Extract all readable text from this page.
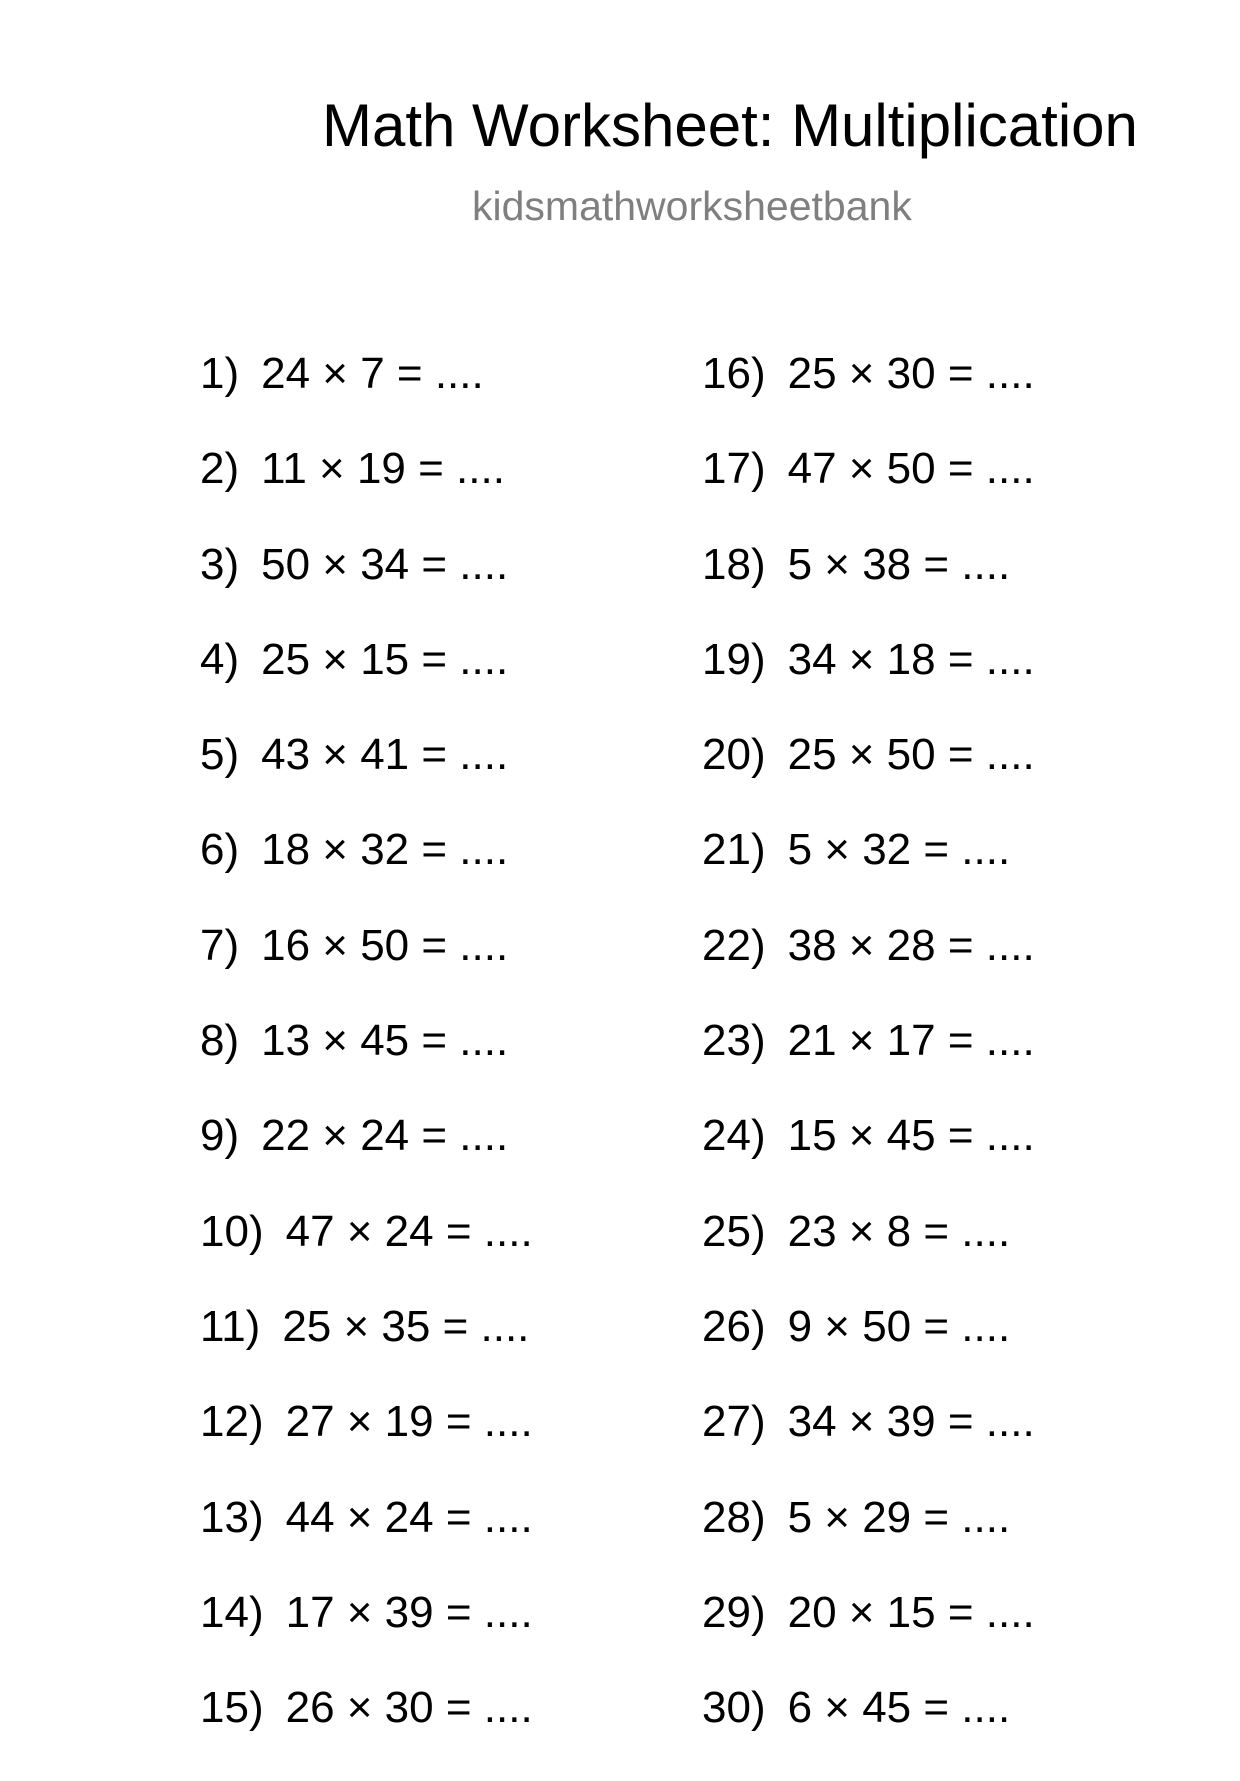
Math Worksheet: Multiplication
kidsmathworksheetbank
1) 24 × 7 = ....
2) 11 × 19 = ....
3) 50 × 34 = ....
4) 25 × 15 = ....
5) 43 × 41 = ....
6) 18 × 32 = ....
7) 16 × 50 = ....
8) 13 × 45 = ....
9) 22 × 24 = ....
10) 47 × 24 = ....
11) 25 × 35 = ....
12) 27 × 19 = ....
13) 44 × 24 = ....
14) 17 × 39 = ....
15) 26 × 30 = ....
16) 25 × 30 = ....
17) 47 × 50 = ....
18) 5 × 38 = ....
19) 34 × 18 = ....
20) 25 × 50 = ....
21) 5 × 32 = ....
22) 38 × 28 = ....
23) 21 × 17 = ....
24) 15 × 45 = ....
25) 23 × 8 = ....
26) 9 × 50 = ....
27) 34 × 39 = ....
28) 5 × 29 = ....
29) 20 × 15 = ....
30) 6 × 45 = ....
